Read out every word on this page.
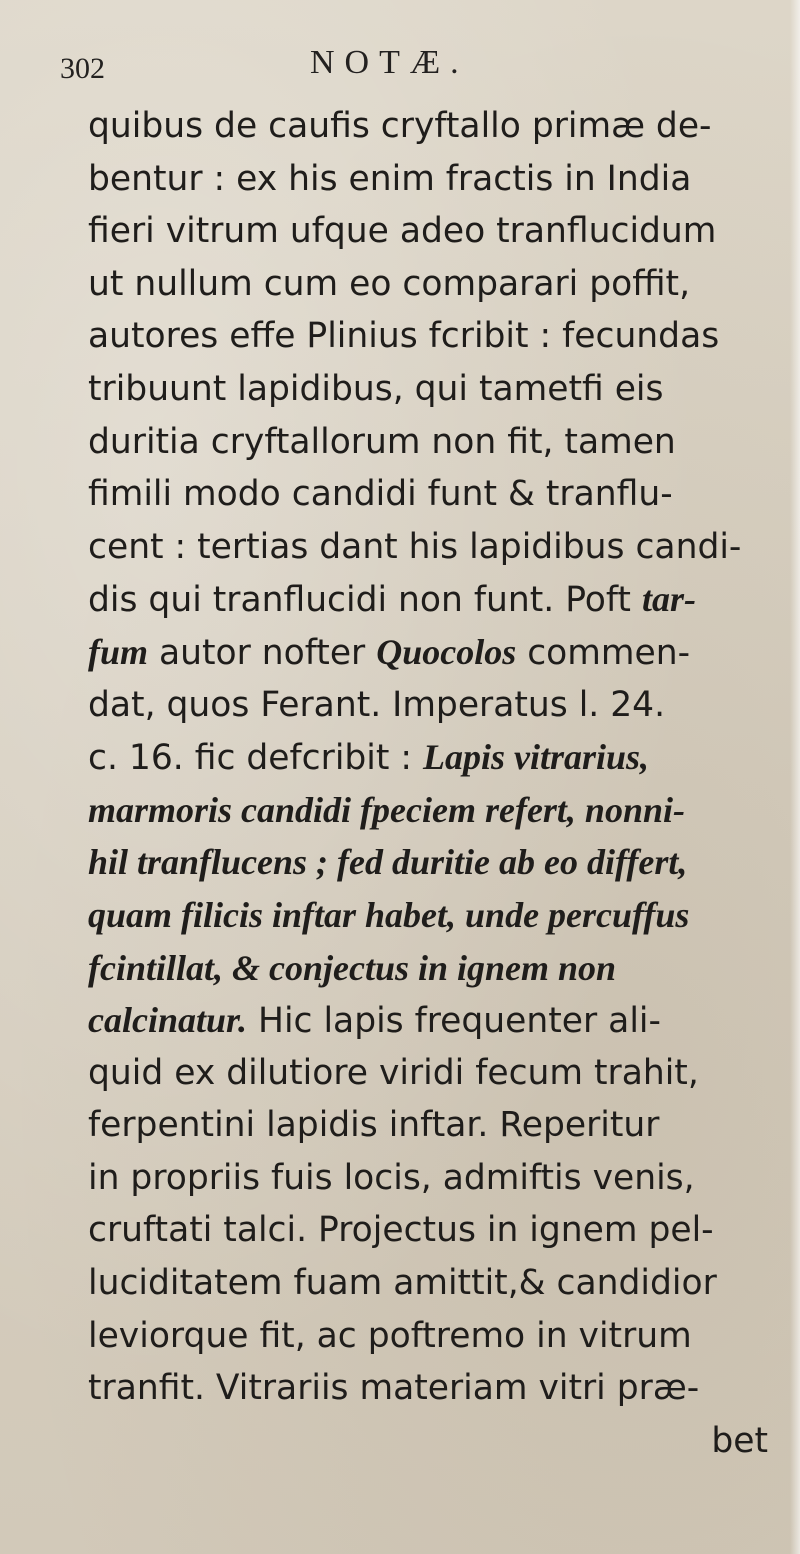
302	NOTÆ.
quibus de caufis cryftallo primæ de-
bentur : ex his enim fractis in India
fieri vitrum ufque adeo tranflucidum
ut nullum cum eo comparari poffit,
autores effe Plinius fcribit : fecundas
tribuunt lapidibus, qui tametfi eis
duritia cryftallorum non fit, tamen
fimili modo candidi funt & tranflu-
cent : tertias dant his lapidibus candi-
dis qui tranflucidi non funt. Poft tar-
fum autor nofter Quocolos commen-
dat, quos Ferant. Imperatus l. 24.
c. 16. fic defcribit : Lapis vitrarius,
marmoris candidi fpeciem refert, nonni-
hil tranflucens ; fed duritie ab eo differt,
quam filicis inftar habet, unde percuffus
fcintillat, & conjectus in ignem non
calcinatur. Hic lapis frequenter ali-
quid ex dilutiore viridi fecum trahit,
ferpentini lapidis inftar. Reperitur
in propriis fuis locis, admiftis venis,
cruftati talci. Projectus in ignem pel-
luciditatem fuam amittit,& candidior
leviorque fit, ac poftremo in vitrum
tranfit. Vitrariis materiam vitri præ-
bet
